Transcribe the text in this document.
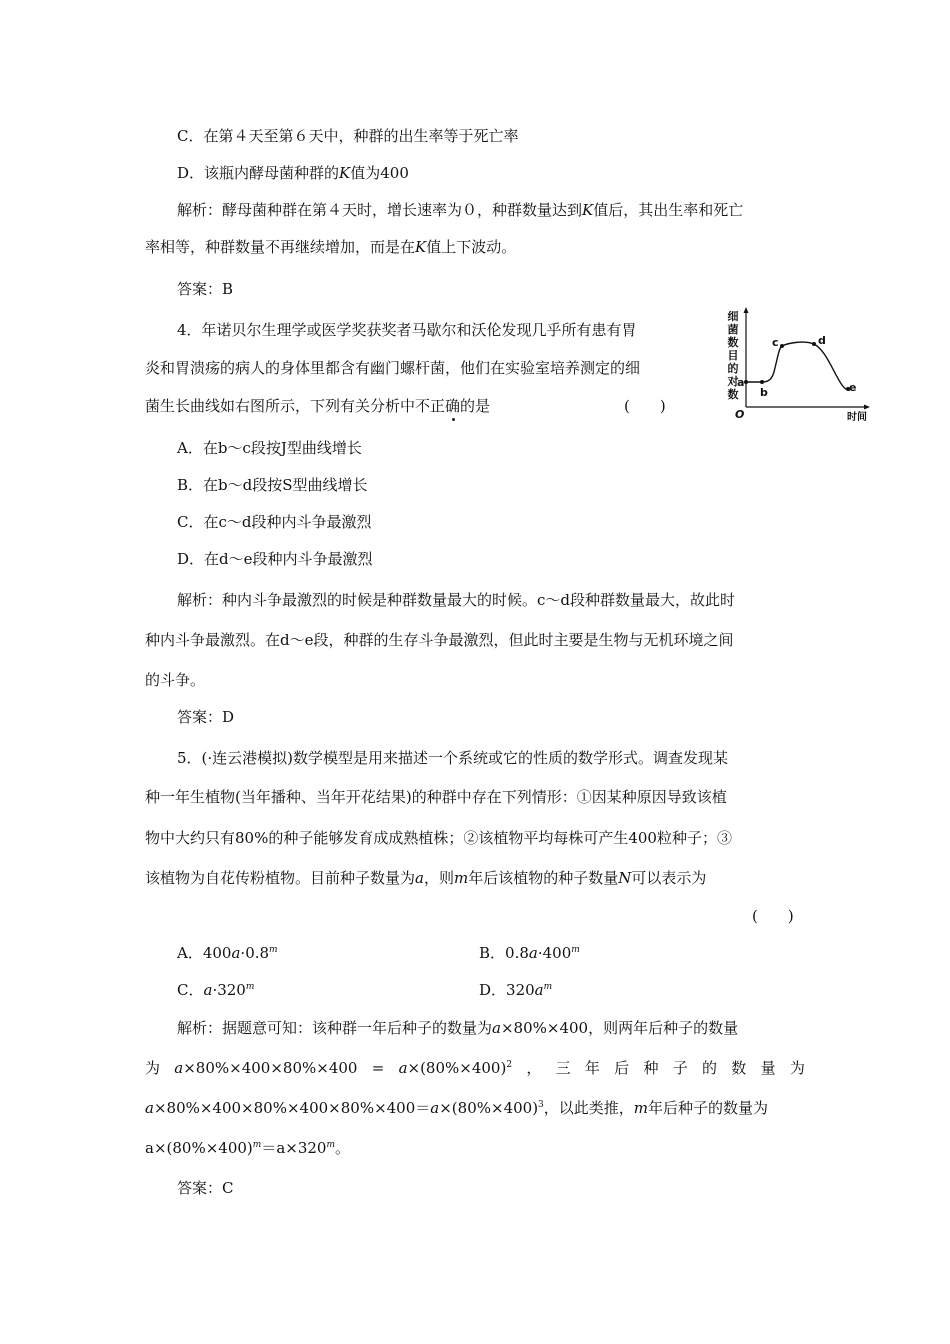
C．在第４天至第６天中，种群的出生率等于死亡率
D．该瓶内酵母菌种群的K值为400
解析：酵母菌种群在第４天时，增长速率为０，种群数量达到K值后，其出生率和死亡
率相等，种群数量不再继续增加，而是在K值上下波动。
答案：B
4．年诺贝尔生理学或医学奖获奖者马歇尔和沃伦发现几乎所有患有胃
炎和胃溃疡的病人的身体里都含有幽门螺杆菌，他们在实验室培养测定的细
菌生长曲线如右图所示，下列有关分析中不正确的是	(　　)
细
菌
数
目
的
对
数
a
b
c	d
e
O	时间
A．在b～c段按J型曲线增长
B．在b～d段按S型曲线增长
C．在c～d段种内斗争最激烈
D．在d～e段种内斗争最激烈
解析：种内斗争最激烈的时候是种群数量最大的时候。c～d段种群数量最大，故此时
种内斗争最激烈。在d～e段，种群的生存斗争最激烈，但此时主要是生物与无机环境之间
的斗争。
答案：D
5．(·连云港模拟)数学模型是用来描述一个系统或它的性质的数学形式。调查发现某
种一年生植物(当年播种、当年开花结果)的种群中存在下列情形：①因某种原因导致该植
物中大约只有80%的种子能够发育成成熟植株；②该植物平均每株可产生400粒种子；③
该植物为自花传粉植物。目前种子数量为a，则m年后该植物的种子数量N可以表示为
(　　)
A．$400a\cdot 0.8^m$	B．$0.8a\cdot 400^m$
C．$a\cdot 320^m$	D．$320a^m$
解析：据题意可知：该种群一年后种子的数量为a×80%×400，则两年后种子的数量
为 $a\times 80\%\times 400\times 80\%\times 400 = a\times(80\%\times 400)^2$ ， 三 年 后 种 子 的 数 量 为
$a\times 80\%\times 400\times 80\%\times 400\times 80\%\times 400=a\times(80\%\times 400)^3$，以此类推，m年后种子的数量为
$a\times(80\%\times 400)^m=a\times 320^m$。
答案：C
